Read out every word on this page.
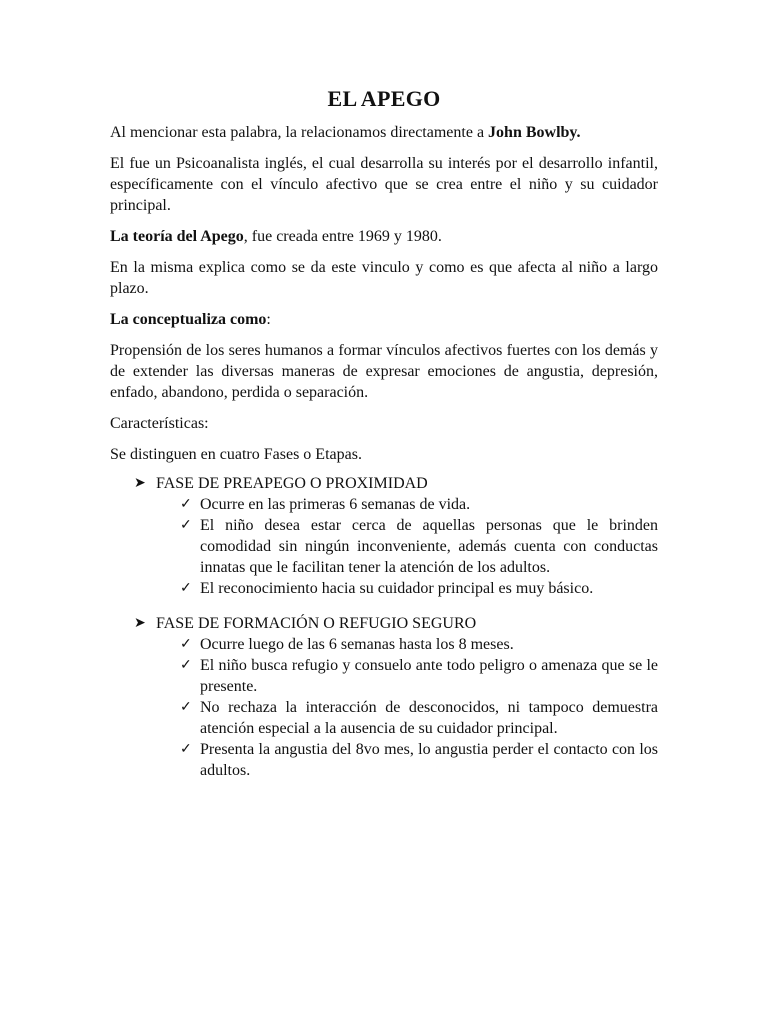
EL APEGO

Al mencionar esta palabra, la relacionamos directamente a John Bowlby.

El fue un Psicoanalista inglés, el cual desarrolla su interés por el desarrollo infantil, específicamente con el vínculo afectivo que se crea entre el niño y su cuidador principal.

La teoría del Apego, fue creada entre 1969 y 1980.

En la misma explica como se da este vinculo y como es que afecta al niño a largo plazo.

La conceptualiza como:

Propensión de los seres humanos a formar vínculos afectivos fuertes con los demás y de extender las diversas maneras de expresar emociones de angustia, depresión, enfado, abandono, perdida o separación.

Características:

Se distinguen en cuatro Fases o Etapas.

➤ FASE DE PREAPEGO O PROXIMIDAD
✓ Ocurre en las primeras 6 semanas de vida.
✓ El niño desea estar cerca de aquellas personas que le brinden comodidad sin ningún inconveniente, además cuenta con conductas innatas que le facilitan tener la atención de los adultos.
✓ El reconocimiento hacia su cuidador principal es muy básico.
➤ FASE DE FORMACIÓN O REFUGIO SEGURO
✓ Ocurre luego de las 6 semanas hasta los 8 meses.
✓ El niño busca refugio y consuelo ante todo peligro o amenaza que se le presente.
✓ No rechaza la interacción de desconocidos, ni tampoco demuestra atención especial a la ausencia de su cuidador principal.
✓ Presenta la angustia del 8vo mes, lo angustia perder el contacto con los adultos.
